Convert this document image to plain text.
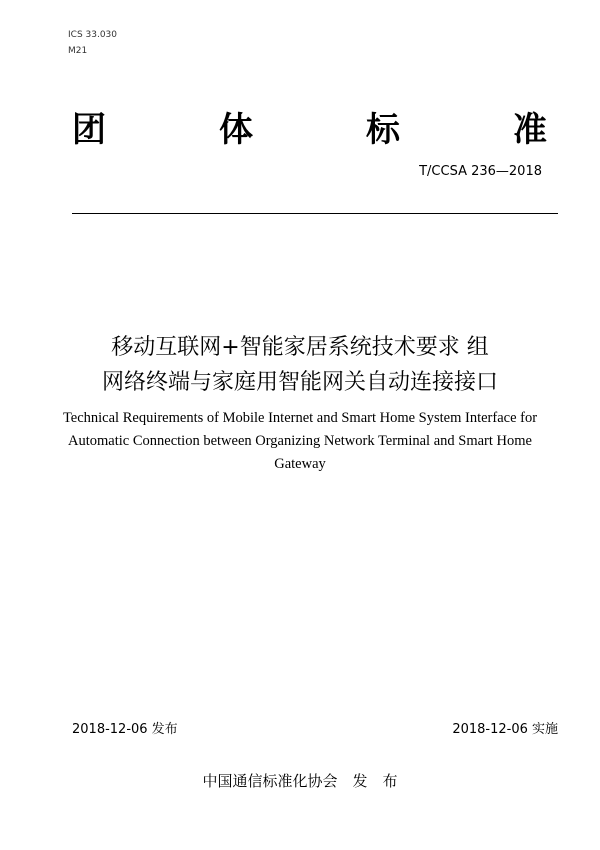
ICS 33.030
M21
团	体	标	准
T/CCSA 236—2018
移动互联网+智能家居系统技术要求 组
网络终端与家庭用智能网关自动连接接口
Technical Requirements of Mobile Internet and Smart Home System Interface for
Automatic Connection between Organizing Network Terminal and Smart Home
Gateway
2018-12-06 发布	2018-12-06 实施
中国通信标准化协会　发　布
